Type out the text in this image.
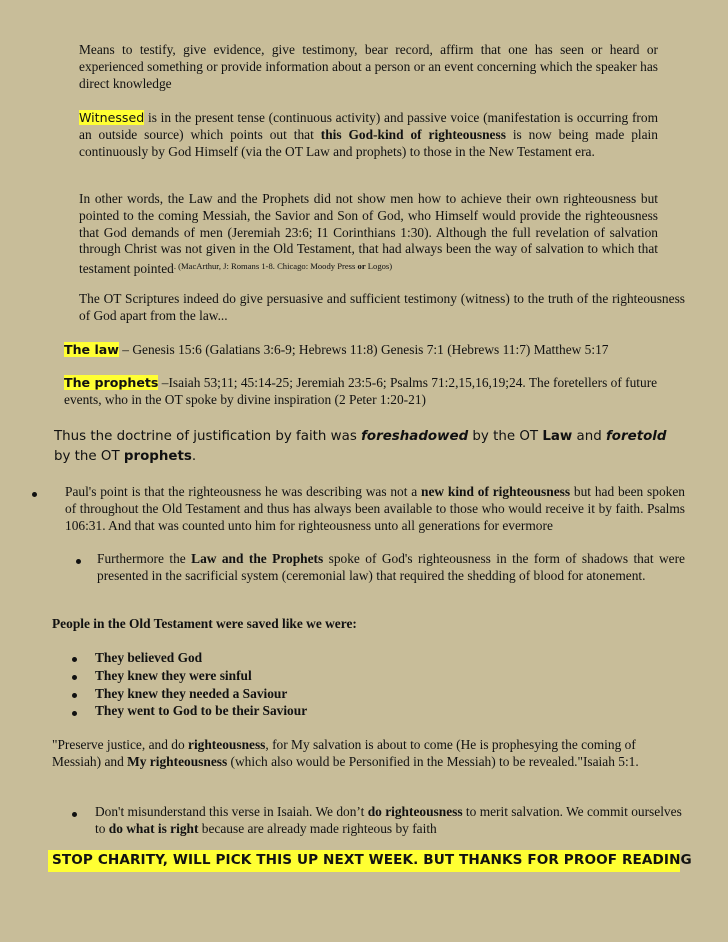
Means to testify, give evidence, give testimony, bear record, affirm that one has seen or heard or experienced something or provide information about a person or an event concerning which the speaker has direct knowledge

Witnessed is in the present tense (continuous activity) and passive voice (manifestation is occurring from an outside source) which points out that this God-kind of righteousness is now being made plain continuously by God Himself (via the OT Law and prophets) to those in the New Testament era.

In other words, the Law and the Prophets did not show men how to achieve their own righteousness but pointed to the coming Messiah, the Savior and Son of God, who Himself would provide the righteousness that God demands of men (Jeremiah 23:6; I1 Corinthians 1:30). Although the full revelation of salvation through Christ was not given in the Old Testament, that had always been the way of salvation to which that testament pointed$^{. (MacArthur, J: Romans 1-8. Chicago: Moody Press or Logos)}$

The OT Scriptures indeed do give persuasive and sufficient testimony (witness) to the truth of the righteousness of God apart from the law...

The law – Genesis 15:6 (Galatians 3:6-9; Hebrews 11:8) Genesis 7:1 (Hebrews 11:7) Matthew 5:17

The prophets –Isaiah 53;11; 45:14-25; Jeremiah 23:5-6; Psalms 71:2,15,16,19;24. The foretellers of future events, who in the OT spoke by divine inspiration (2 Peter 1:20-21)

Thus the doctrine of justification by faith was foreshadowed by the OT Law and foretold by the OT prophets.

Paul's point is that the righteousness he was describing was not a new kind of righteousness but had been spoken of throughout the Old Testament and thus has always been available to those who would receive it by faith. Psalms 106:31. And that was counted unto him for righteousness unto all generations for evermore

Furthermore the Law and the Prophets spoke of God's righteousness in the form of shadows that were presented in the sacrificial system (ceremonial law) that required the shedding of blood for atonement.

People in the Old Testament were saved like we were:

They believed God

They knew they were sinful

They knew they needed a Saviour

They went to God to be their Saviour

"Preserve justice, and do righteousness, for My salvation is about to come (He is prophesying the coming of Messiah) and My righteousness (which also would be Personified in the Messiah) to be revealed."Isaiah 5:1.

Don't misunderstand this verse in Isaiah. We don’t do righteousness to merit salvation. We commit ourselves to do what is right because are already made righteous by faith

STOP CHARITY, WILL PICK THIS UP NEXT WEEK. BUT THANKS FOR PROOF READING
